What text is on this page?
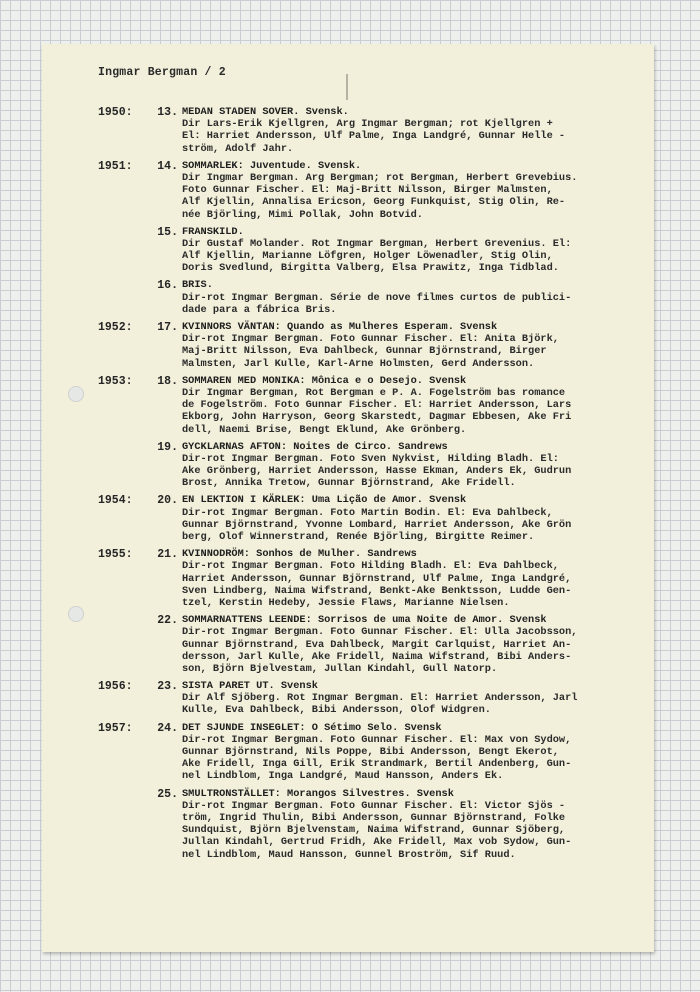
Ingmar Bergman / 2
1950:	13. MEDAN STADEN SOVER. Svensk.
Dir Lars-Erik Kjellgren, Arg Ingmar Bergman; rot Kjellgren +
El: Harriet Andersson, Ulf Palme, Inga Landgré, Gunnar Helle -
ström, Adolf Jahr.
1951:	14. SOMMARLEK: Juventude. Svensk.
Dir Ingmar Bergman. Arg Bergman; rot Bergman, Herbert Grevebius.
Foto Gunnar Fischer. El: Maj-Britt Nilsson, Birger Malmsten,
Alf Kjellin, Annalisa Ericson, Georg Funkquist, Stig Olin, Re-
née Björling, Mimi Pollak, John Botvid.
15. FRANSKILD.
Dir Gustaf Molander. Rot Ingmar Bergman, Herbert Grevenius. El:
Alf Kjellin, Marianne Löfgren, Holger Löwenadler, Stig Olin,
Doris Svedlund, Birgitta Valberg, Elsa Prawitz, Inga Tidblad.
16. BRIS.
Dir-rot Ingmar Bergman. Série de nove filmes curtos de publici-
dade para a fábrica Bris.
1952:	17. KVINNORS VÄNTAN: Quando as Mulheres Esperam. Svensk
Dir-rot Ingmar Bergman. Foto Gunnar Fischer. El: Anita Björk,
Maj-Britt Nilsson, Eva Dahlbeck, Gunnar Björnstrand, Birger
Malmsten, Jarl Kulle, Karl-Arne Holmsten, Gerd Andersson.
1953:	18. SOMMAREN MED MONIKA: Mônica e o Desejo. Svensk
Dir Ingmar Bergman, Rot Bergman e P. A. Fogelström bas romance
de Fogelström. Foto Gunnar Fischer. El: Harriet Andersson, Lars
Ekborg, John Harryson, Georg Skarstedt, Dagmar Ebbesen, Ake Fri
dell, Naemi Brise, Bengt Eklund, Ake Grönberg.
19. GYCKLARNAS AFTON: Noites de Circo. Sandrews
Dir-rot Ingmar Bergman. Foto Sven Nykvist, Hilding Bladh. El:
Ake Grönberg, Harriet Andersson, Hasse Ekman, Anders Ek, Gudrun
Brost, Annika Tretow, Gunnar Björnstrand, Ake Fridell.
1954:	20. EN LEKTION I KÄRLEK: Uma Lição de Amor. Svensk
Dir-rot Ingmar Bergman. Foto Martin Bodin. El: Eva Dahlbeck,
Gunnar Björnstrand, Yvonne Lombard, Harriet Andersson, Ake Grön
berg, Olof Winnerstrand, Renée Björling, Birgitte Reimer.
1955:	21. KVINNODRÖM: Sonhos de Mulher. Sandrews
Dir-rot Ingmar Bergman. Foto Hilding Bladh. El: Eva Dahlbeck,
Harriet Andersson, Gunnar Björnstrand, Ulf Palme, Inga Landgré,
Sven Lindberg, Naima Wifstrand, Benkt-Ake Benktsson, Ludde Gen-
tzel, Kerstin Hedeby, Jessie Flaws, Marianne Nielsen.
22. SOMMARNATTENS LEENDE: Sorrisos de uma Noite de Amor. Svensk
Dir-rot Ingmar Bergman. Foto Gunnar Fischer. El: Ulla Jacobsson,
Gunnar Björnstrand, Eva Dahlbeck, Margit Carlquist, Harriet An-
dersson, Jarl Kulle, Ake Fridell, Naima Wifstrand, Bibi Anders-
son, Björn Bjelvestam, Jullan Kindahl, Gull Natorp.
1956:	23. SISTA PARET UT. Svensk
Dir Alf Sjöberg. Rot Ingmar Bergman. El: Harriet Andersson, Jarl
Kulle, Eva Dahlbeck, Bibi Andersson, Olof Widgren.
1957:	24. DET SJUNDE INSEGLET: O Sétimo Selo. Svensk
Dir-rot Ingmar Bergman. Foto Gunnar Fischer. El: Max von Sydow,
Gunnar Björnstrand, Nils Poppe, Bibi Andersson, Bengt Ekerot,
Ake Fridell, Inga Gill, Erik Strandmark, Bertil Andenberg, Gun-
nel Lindblom, Inga Landgré, Maud Hansson, Anders Ek.
25. SMULTRONSTÄLLET: Morangos Silvestres. Svensk
Dir-rot Ingmar Bergman. Foto Gunnar Fischer. El: Victor Sjös -
tröm, Ingrid Thulin, Bibi Andersson, Gunnar Björnstrand, Folke
Sundquist, Björn Bjelvenstam, Naima Wifstrand, Gunnar Sjöberg,
Jullan Kindahl, Gertrud Fridh, Ake Fridell, Max vob Sydow, Gun-
nel Lindblom, Maud Hansson, Gunnel Broström, Sif Ruud.
